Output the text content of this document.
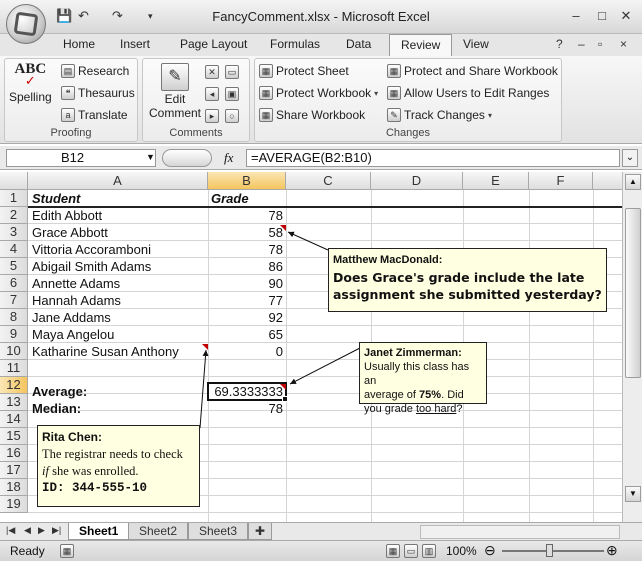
💾 ↶ ↷	▾	FancyComment.xlsx - Microsoft Excel	–	□	✕
Home Insert Page Layout Formulas Data	Review	View	? – ▫ ×
ABC
✓
Spelling
▤ Research
❝ Thesaurus
a Translate
Proofing
✎
Edit
Comment
✕	▭
◂	▣
▸	○
Comments
▦ Protect Sheet
▦ Protect Workbook ▾
▦ Share Workbook
▦ Protect and Share Workbook
▦ Allow Users to Edit Ranges
✎ Track Changes ▾
Changes
B12	▼	fx	=AVERAGE(B2:B10)	⌄
A	B	C	D	E	F
1
2
3
4
5
6
7
8
9
10
11
12
13
14
15
16
17
18
19
Student	Grade
Edith Abbott	78
Grace Abbott	58
Vittoria Accoramboni	78
Abigail Smith Adams	86
Annette Adams	90
Hannah Adams	77
Jane Addams	92
Maya Angelou	65
Katharine Susan Anthony	0
Average:	69.3333333
Median:	78
Matthew MacDonald:
Does Grace's grade include the late assignment she submitted yesterday?
Janet Zimmerman:
Usually this class has an
average of 75%. Did
you grade too hard?
Rita Chen:
The registrar needs to check
if she was enrolled.
ID: 344-555-10
▲
▼
|◀ ◀ ▶ ▶|	Sheet1	Sheet2	Sheet3	✚
Ready	▦	▦	▭	▥ 100% ⊖	⊕
